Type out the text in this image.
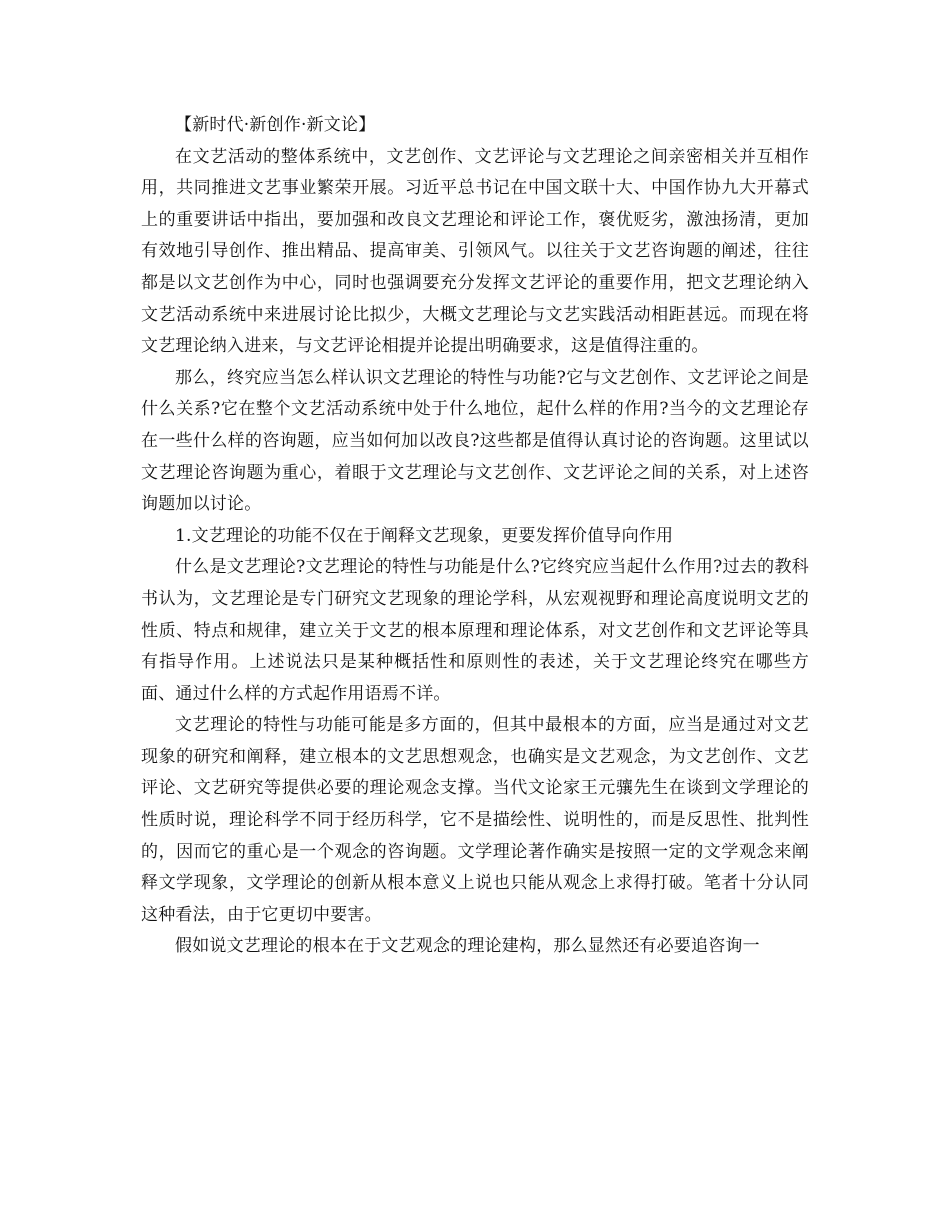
【新时代·新创作·新文论】

在文艺活动的整体系统中，文艺创作、文艺评论与文艺理论之间亲密相关并互相作用，共同推进文艺事业繁荣开展。习近平总书记在中国文联十大、中国作协九大开幕式上的重要讲话中指出，要加强和改良文艺理论和评论工作，褒优贬劣，激浊扬清，更加有效地引导创作、推出精品、提高审美、引领风气。以往关于文艺咨询题的阐述，往往都是以文艺创作为中心，同时也强调要充分发挥文艺评论的重要作用，把文艺理论纳入文艺活动系统中来进展讨论比拟少，大概文艺理论与文艺实践活动相距甚远。而现在将文艺理论纳入进来，与文艺评论相提并论提出明确要求，这是值得注重的。

那么，终究应当怎么样认识文艺理论的特性与功能?它与文艺创作、文艺评论之间是什么关系?它在整个文艺活动系统中处于什么地位，起什么样的作用?当今的文艺理论存在一些什么样的咨询题，应当如何加以改良?这些都是值得认真讨论的咨询题。这里试以文艺理论咨询题为重心，着眼于文艺理论与文艺创作、文艺评论之间的关系，对上述咨询题加以讨论。

1.文艺理论的功能不仅在于阐释文艺现象，更要发挥价值导向作用

什么是文艺理论?文艺理论的特性与功能是什么?它终究应当起什么作用?过去的教科书认为，文艺理论是专门研究文艺现象的理论学科，从宏观视野和理论高度说明文艺的性质、特点和规律，建立关于文艺的根本原理和理论体系，对文艺创作和文艺评论等具有指导作用。上述说法只是某种概括性和原则性的表述，关于文艺理论终究在哪些方面、通过什么样的方式起作用语焉不详。

文艺理论的特性与功能可能是多方面的，但其中最根本的方面，应当是通过对文艺现象的研究和阐释，建立根本的文艺思想观念，也确实是文艺观念，为文艺创作、文艺评论、文艺研究等提供必要的理论观念支撑。当代文论家王元骧先生在谈到文学理论的性质时说，理论科学不同于经历科学，它不是描绘性、说明性的，而是反思性、批判性的，因而它的重心是一个观念的咨询题。文学理论著作确实是按照一定的文学观念来阐释文学现象，文学理论的创新从根本意义上说也只能从观念上求得打破。笔者十分认同这种看法，由于它更切中要害。

假如说文艺理论的根本在于文艺观念的理论建构，那么显然还有必要追咨询一
